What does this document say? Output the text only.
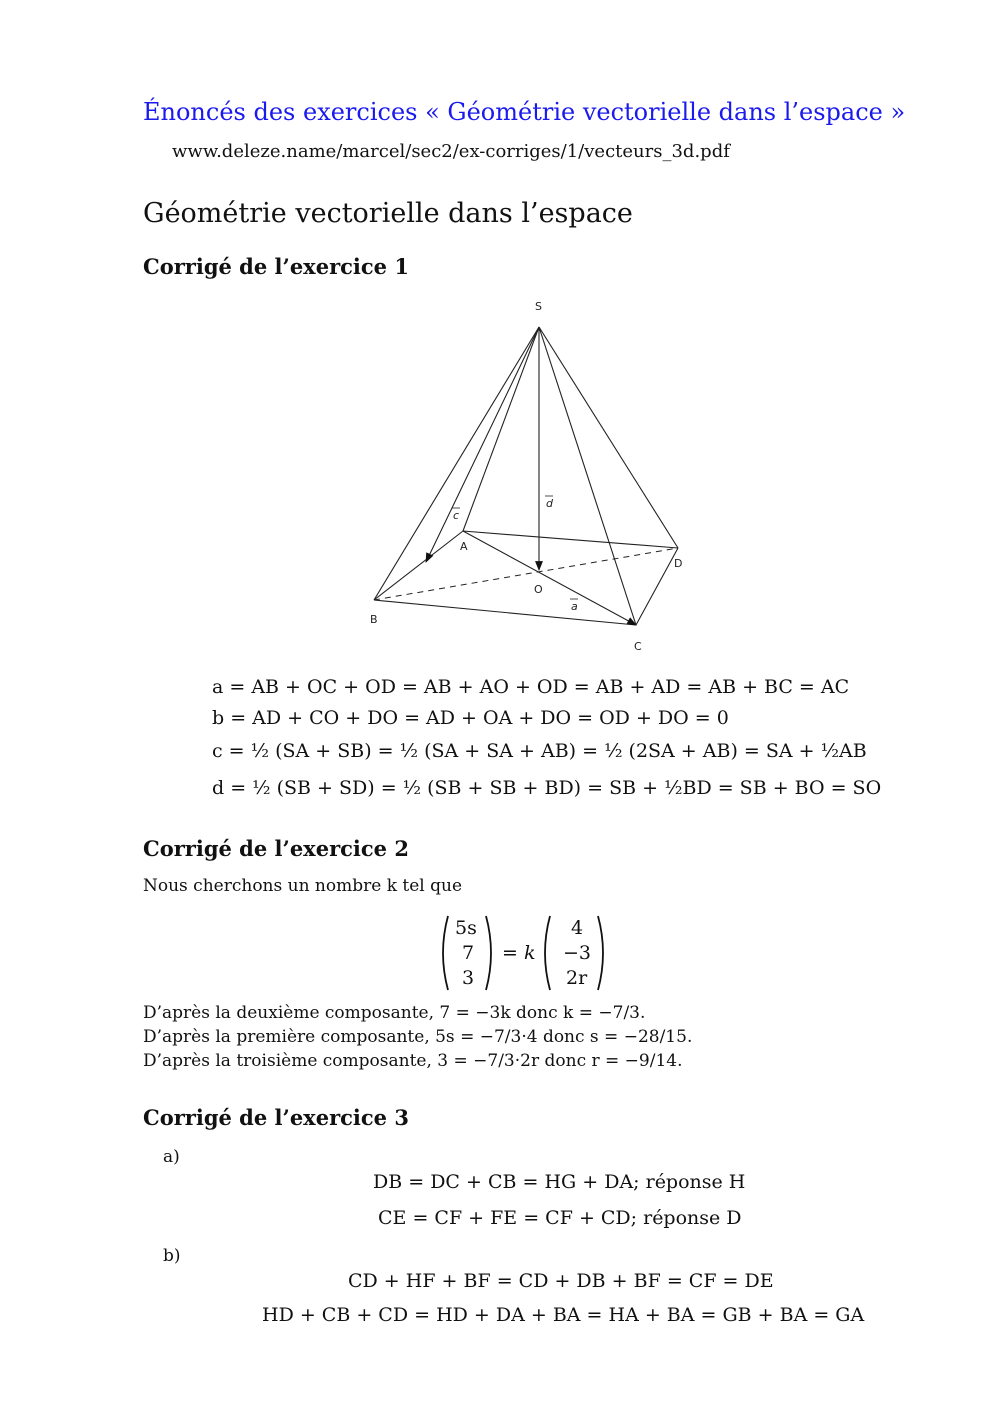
Énoncés des exercices « Géométrie vectorielle dans l’espace »
www.deleze.name/marcel/sec2/ex-corriges/1/vecteurs_3d.pdf
Géométrie vectorielle dans l’espace
Corrigé de l’exercice 1
S
A
B
C
D
O
c
d
a
a = AB + OC + OD = AB + AO + OD = AB + AD = AB + BC = AC
b = AD + CO + DO = AD + OA + DO = OD + DO = 0
c = ½ (SA + SB) = ½ (SA + SA + AB) = ½ (2SA + AB) = SA + ½AB
d = ½ (SB + SD) = ½ (SB + SB + BD) = SB + ½BD = SB + BO = SO
Corrigé de l’exercice 2
Nous cherchons un nombre k tel que
5s
7
3
= k
4
−3
2r
D’après la deuxième composante, 7 = −3k donc k = −7/3.
D’après la première composante, 5s = −7/3·4 donc s = −28/15.
D’après la troisième composante, 3 = −7/3·2r donc r = −9/14.
Corrigé de l’exercice 3
a)
DB = DC + CB = HG + DA; réponse H
CE = CF + FE = CF + CD; réponse D
b)
CD + HF + BF = CD + DB + BF = CF = DE
HD + CB + CD = HD + DA + BA = HA + BA = GB + BA = GA
